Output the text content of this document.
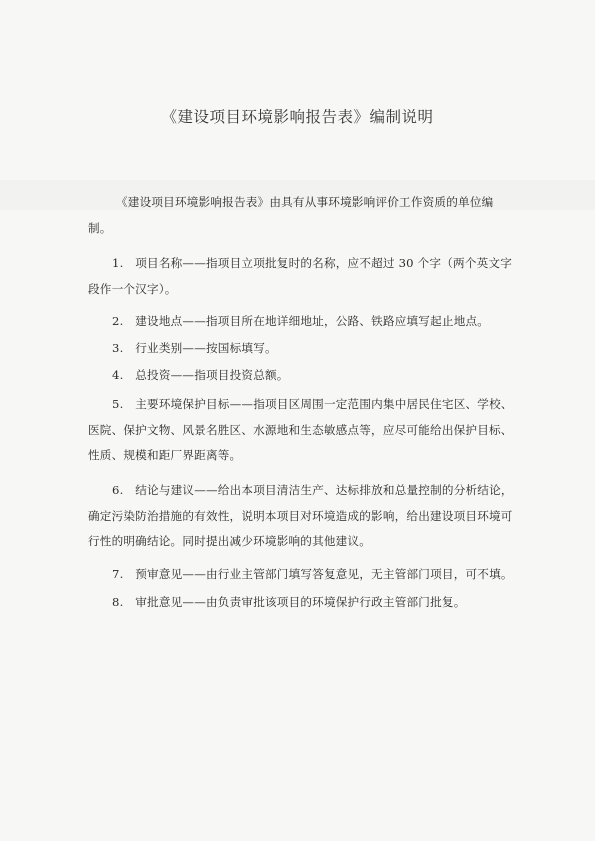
《建设项目环境影响报告表》编制说明

《建设项目环境影响报告表》由具有从事环境影响评价工作资质的单位编制。

1.　项目名称——指项目立项批复时的名称，应不超过 30 个字（两个英文字段作一个汉字）。

2.　建设地点——指项目所在地详细地址，公路、铁路应填写起止地点。

3.　行业类别——按国标填写。

4.　总投资——指项目投资总额。

5.　主要环境保护目标——指项目区周围一定范围内集中居民住宅区、学校、医院、保护文物、风景名胜区、水源地和生态敏感点等，应尽可能给出保护目标、性质、规模和距厂界距离等。

6.　结论与建议——给出本项目清洁生产、达标排放和总量控制的分析结论，确定污染防治措施的有效性，说明本项目对环境造成的影响，给出建设项目环境可行性的明确结论。同时提出减少环境影响的其他建议。

7.　预审意见——由行业主管部门填写答复意见，无主管部门项目，可不填。

8.　审批意见——由负责审批该项目的环境保护行政主管部门批复。
